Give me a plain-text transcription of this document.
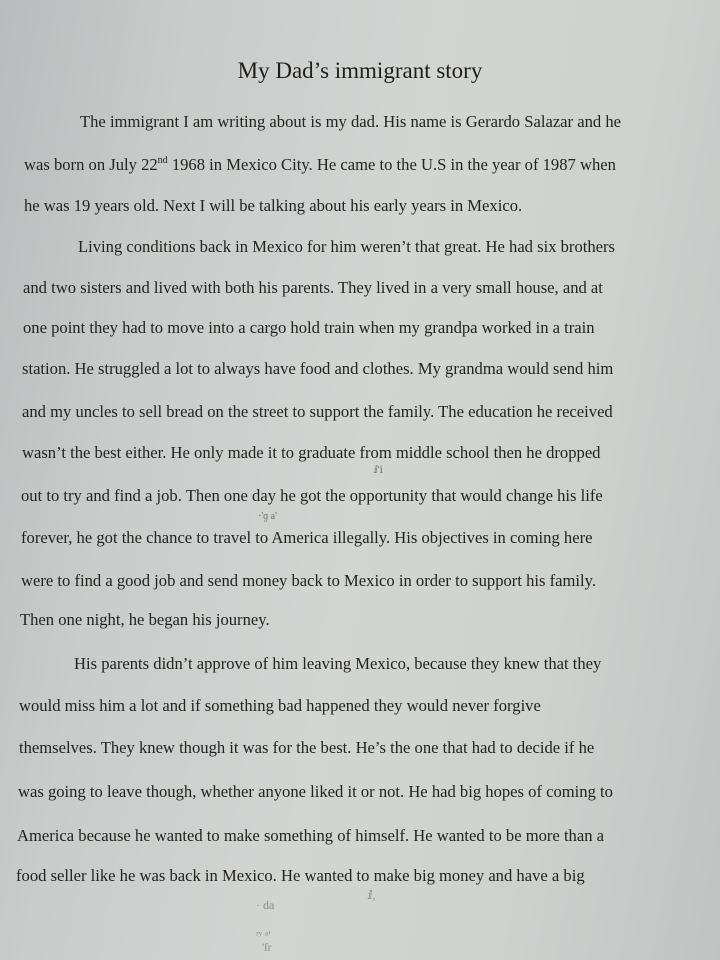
My Dad’s immigrant story

The immigrant I am writing about is my dad. His name is Gerardo Salazar and he

was born on July 22nd 1968 in Mexico City. He came to the U.S in the year of 1987 when

he was 19 years old. Next I will be talking about his early years in Mexico.

Living conditions back in Mexico for him weren’t that great. He had six brothers

and two sisters and lived with both his parents. They lived in a very small house, and at

one point they had to move into a cargo hold train when my grandpa worked in a train

station. He struggled a lot to always have food and clothes. My grandma would send him

and my uncles to sell bread on the street to support the family. The education he received

wasn’t the best either. He only made it to graduate from middle school then he dropped

out to try and find a job. Then one day he got the opportunity that would change his life

forever, he got the chance to travel to America illegally. His objectives in coming here

were to find a good job and send money back to Mexico in order to support his family.

Then one night, he began his journey.

His parents didn’t approve of him leaving Mexico, because they knew that they

would miss him a lot and if something bad happened they would never forgive

themselves. They knew though it was for the best. He’s the one that had to decide if he

was going to leave though, whether anyone liked it or not. He had big hopes of coming to

America because he wanted to make something of himself. He wanted to be more than a

food seller like he was back in Mexico. He wanted to make big money and have a big

ⅈ'ⅰ
·'ɡ a'
· da
ⅈ,
ʳʸ ᵃ'
'ſr
